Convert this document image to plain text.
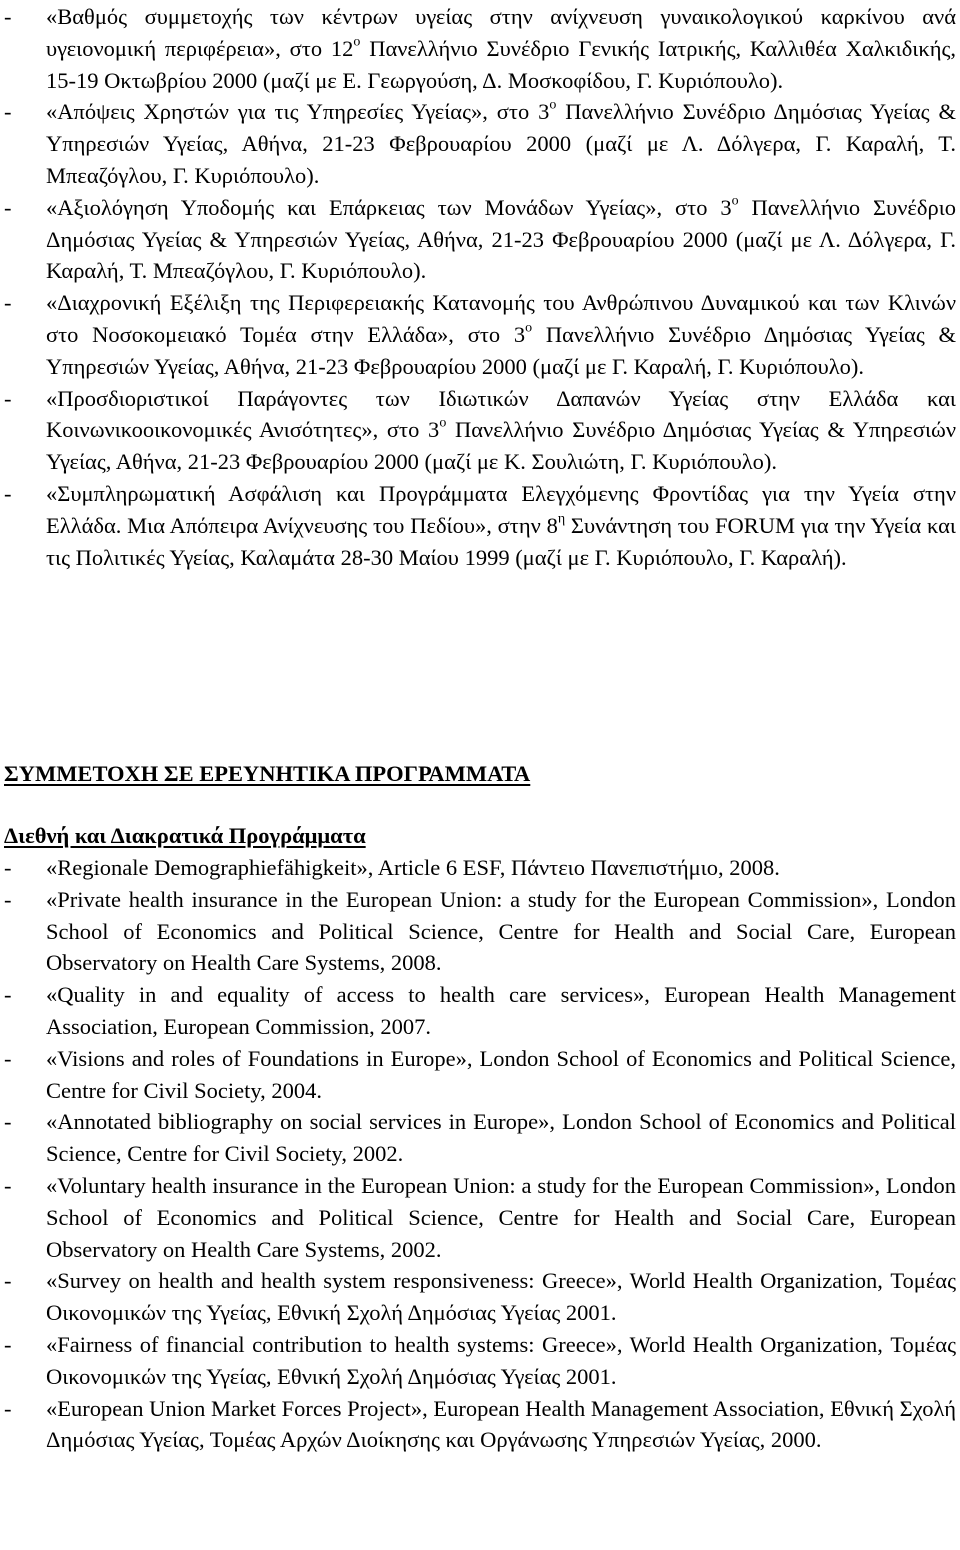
- «Βαθμός συμμετοχής των κέντρων υγείας στην ανίχνευση γυναικολογικού καρκίνου ανά υγειονομική περιφέρεια», στο $12^o$ Πανελλήνιο Συνέδριο Γενικής Ιατρικής, Καλλιθέα Χαλκιδικής, 15-19 Οκτωβρίου 2000 (μαζί με Ε. Γεωργούση, Δ. Μοσκοφίδου, Γ. Κυριόπουλο).
- «Απόψεις Χρηστών για τις Υπηρεσίες Υγείας», στο $3^o$ Πανελλήνιο Συνέδριο Δημόσιας Υγείας & Υπηρεσιών Υγείας, Αθήνα, 21-23 Φεβρουαρίου 2000 (μαζί με Λ. Δόλγερα, Γ. Καραλή, Τ. Μπεαζόγλου, Γ. Κυριόπουλο).
- «Αξιολόγηση Υποδομής και Επάρκειας των Μονάδων Υγείας», στο $3^o$ Πανελλήνιο Συνέδριο Δημόσιας Υγείας & Υπηρεσιών Υγείας, Αθήνα, 21-23 Φεβρουαρίου 2000 (μαζί με Λ. Δόλγερα, Γ. Καραλή, Τ. Μπεαζόγλου, Γ. Κυριόπουλο).
- «Διαχρονική Εξέλιξη της Περιφερειακής Κατανομής του Ανθρώπινου Δυναμικού και των Κλινών στο Νοσοκομειακό Τομέα στην Ελλάδα», στο $3^o$ Πανελλήνιο Συνέδριο Δημόσιας Υγείας & Υπηρεσιών Υγείας, Αθήνα, 21-23 Φεβρουαρίου 2000 (μαζί με Γ. Καραλή, Γ. Κυριόπουλο).
- «Προσδιοριστικοί Παράγοντες των Ιδιωτικών Δαπανών Υγείας στην Ελλάδα και Κοινωνικοοικονομικές Ανισότητες», στο $3^o$ Πανελλήνιο Συνέδριο Δημόσιας Υγείας & Υπηρεσιών Υγείας, Αθήνα, 21-23 Φεβρουαρίου 2000 (μαζί με Κ. Σουλιώτη, Γ. Κυριόπουλο).
- «Συμπληρωματική Ασφάλιση και Προγράμματα Ελεγχόμενης Φροντίδας για την Υγεία στην Ελλάδα. Μια Απόπειρα Ανίχνευσης του Πεδίου», στην $8^\eta$ Συνάντηση του FORUM για την Υγεία και τις Πολιτικές Υγείας, Καλαμάτα 28-30 Μαίου 1999 (μαζί με Γ. Κυριόπουλο, Γ. Καραλή).
ΣΥΜΜΕΤΟΧΗ ΣΕ ΕΡΕΥΝΗΤΙΚΑ ΠΡΟΓΡΑΜΜΑΤΑ
Διεθνή και Διακρατικά Προγράμματα
- «Regionale Demographiefähigkeit», Article 6 ESF, Πάντειο Πανεπιστήμιο, 2008.
- «Private health insurance in the European Union: a study for the European Commission», London School of Economics and Political Science, Centre for Health and Social Care, European Observatory on Health Care Systems, 2008.
- «Quality in and equality of access to health care services», European Health Management Association, European Commission, 2007.
- «Visions and roles of Foundations in Europe», London School of Economics and Political Science, Centre for Civil Society, 2004.
- «Annotated bibliography on social services in Europe», London School of Economics and Political Science, Centre for Civil Society, 2002.
- «Voluntary health insurance in the European Union: a study for the European Commission», London School of Economics and Political Science, Centre for Health and Social Care, European Observatory on Health Care Systems, 2002.
- «Survey on health and health system responsiveness: Greece», World Health Organization, Τομέας Οικονομικών της Υγείας, Εθνική Σχολή Δημόσιας Υγείας 2001.
- «Fairness of financial contribution to health systems: Greece», World Health Organization, Τομέας Οικονομικών της Υγείας, Εθνική Σχολή Δημόσιας Υγείας 2001.
- «European Union Market Forces Project», European Health Management Association, Εθνική Σχολή Δημόσιας Υγείας, Τομέας Αρχών Διοίκησης και Οργάνωσης Υπηρεσιών Υγείας, 2000.
